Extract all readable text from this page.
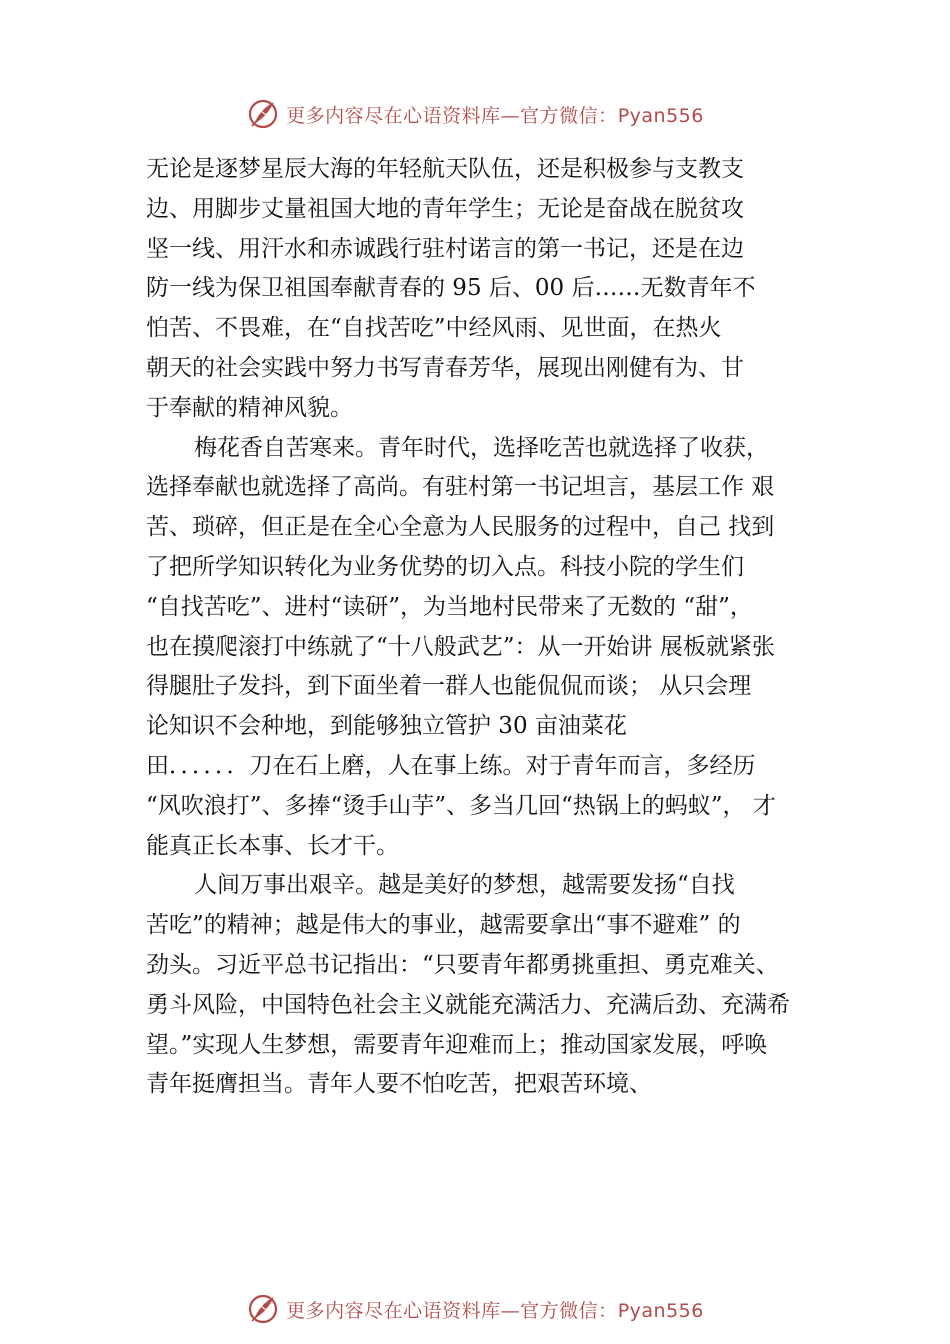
更多内容尽在心语资料库—官方微信：Pyan556
无论是逐梦星辰大海的年轻航天队伍，还是积极参与支教支
边、用脚步丈量祖国大地的青年学生；无论是奋战在脱贫攻
坚一线、用汗水和赤诚践行驻村诺言的第一书记，还是在边
防一线为保卫祖国奉献青春的 95 后、00 后……无数青年不
怕苦、不畏难，在“自找苦吃”中经风雨、见世面，在热火
朝天的社会实践中努力书写青春芳华，展现出刚健有为、甘
于奉献的精神风貌。
梅花香自苦寒来。青年时代，选择吃苦也就选择了收获，
选择奉献也就选择了高尚。有驻村第一书记坦言，基层工作 艰
苦、琐碎，但正是在全心全意为人民服务的过程中，自己 找到
了把所学知识转化为业务优势的切入点。科技小院的学生们
“自找苦吃”、进村“读研”，为当地村民带来了无数的 “甜”，
也在摸爬滚打中练就了“十八般武艺”：从一开始讲 展板就紧张
得腿肚子发抖，到下面坐着一群人也能侃侃而谈； 从只会理
论知识不会种地，到能够独立管护 30 亩油菜花
田．．．．．．刀在石上磨，人在事上练。对于青年而言，多经历
“风吹浪打”、多捧“烫手山芋”、多当几回“热锅上的蚂蚁”， 才
能真正长本事、长才干。
人间万事出艰辛。越是美好的梦想，越需要发扬“自找
苦吃”的精神；越是伟大的事业，越需要拿出“事不避难” 的
劲头。习近平总书记指出：“只要青年都勇挑重担、勇克难关、
勇斗风险，中国特色社会主义就能充满活力、充满后劲、充满希
望。”实现人生梦想，需要青年迎难而上；推动国家发展，呼唤
青年挺膺担当。青年人要不怕吃苦，把艰苦环境、
更多内容尽在心语资料库—官方微信：Pyan556
